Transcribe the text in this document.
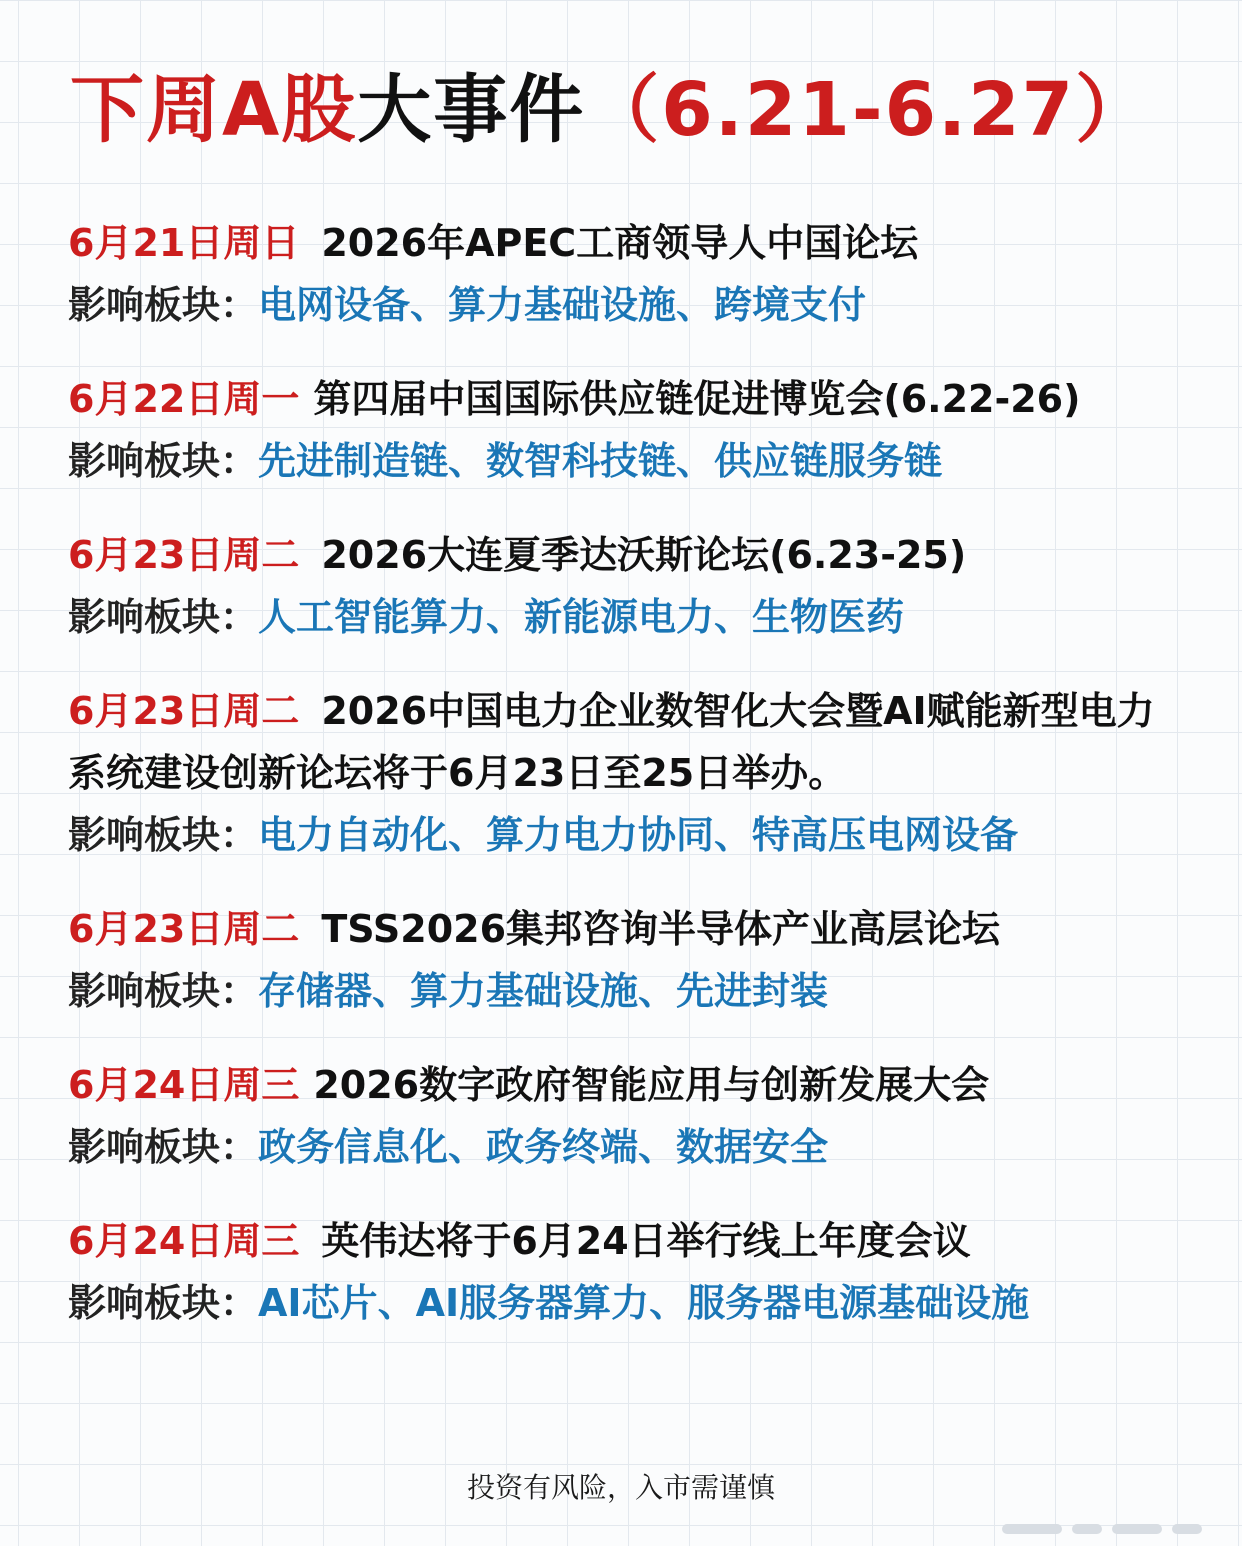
下周A股大事件（6.21-6.27）
6月21日周日 2026年APEC工商领导人中国论坛
影响板块：电网设备、算力基础设施、跨境支付
6月22日周一 第四届中国国际供应链促进博览会(6.22-26)
影响板块：先进制造链、数智科技链、供应链服务链
6月23日周二 2026大连夏季达沃斯论坛(6.23-25)
影响板块：人工智能算力、新能源电力、生物医药
6月23日周二 2026中国电力企业数智化大会暨AI赋能新型电力系统建设创新论坛将于6月23日至25日举办。
影响板块：电力自动化、算力电力协同、特高压电网设备
6月23日周二 TSS2026集邦咨询半导体产业高层论坛
影响板块：存储器、算力基础设施、先进封装
6月24日周三 2026数字政府智能应用与创新发展大会
影响板块：政务信息化、政务终端、数据安全
6月24日周三 英伟达将于6月24日举行线上年度会议
影响板块：AI芯片、AI服务器算力、服务器电源基础设施
投资有风险，入市需谨慎
